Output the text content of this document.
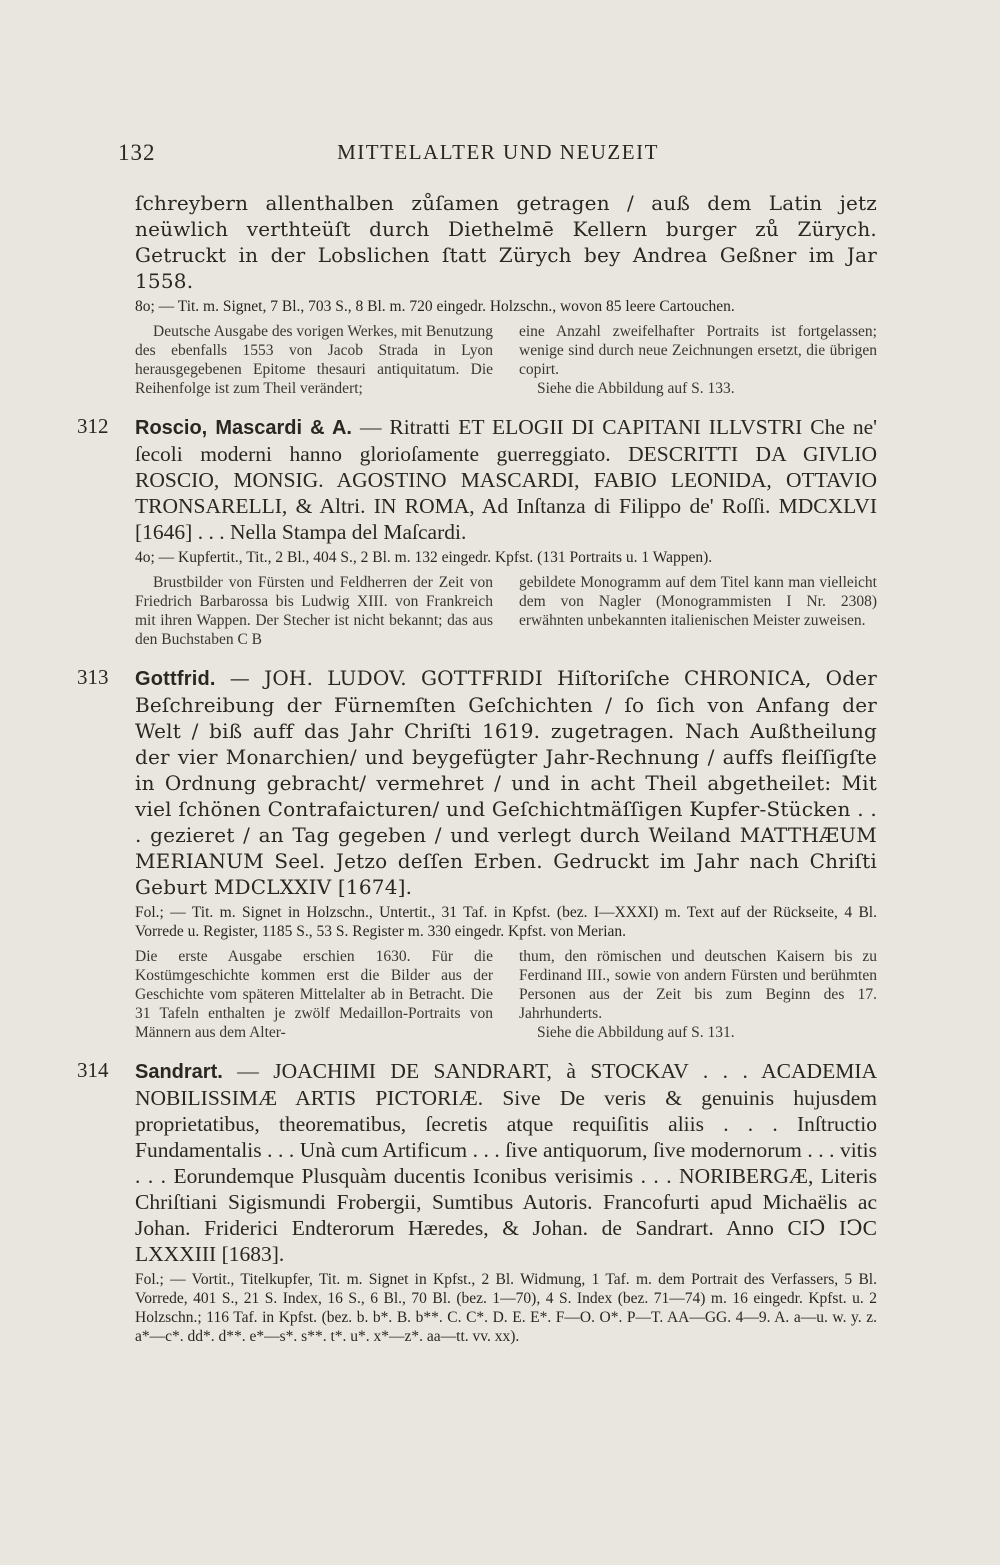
132	MITTELALTER UND NEUZEIT

ſchreybern allenthalben zůſamen getragen / auß dem Latin jetz neüwlich verthteüſt durch Diethelmē Kellern burger zů Zürych. Getruckt in der Lobslichen ſtatt Zürych bey Andrea Geßner im Jar 1558.

8o; — Tit. m. Signet, 7 Bl., 703 S., 8 Bl. m. 720 eingedr. Holzschn., wovon 85 leere Cartouchen.

Deutsche Ausgabe des vorigen Werkes, mit Benutzung des ebenfalls 1553 von Jacob Strada in Lyon herausgegebenen Epitome thesauri antiquitatum. Die Reihenfolge ist zum Theil verändert;

eine Anzahl zweifelhafter Portraits ist fortgelassen; wenige sind durch neue Zeichnungen ersetzt, die übrigen copirt.

Siehe die Abbildung auf S. 133.

312 Roscio, Mascardi & A. — Ritratti ET ELOGII DI CAPITANI ILLVSTRI Che ne' ſecoli moderni hanno glorioſamente guerreggiato. DESCRITTI DA GIVLIO ROSCIO, MONSIG. AGOSTINO MASCARDI, FABIO LEONIDA, OTTAVIO TRONSARELLI, & Altri. IN ROMA, Ad Inſtanza di Filippo de' Roſſi. MDCXLVI [1646] . . . Nella Stampa del Maſcardi.

4o; — Kupfertit., Tit., 2 Bl., 404 S., 2 Bl. m. 132 eingedr. Kpfst. (131 Portraits u. 1 Wappen).

Brustbilder von Fürsten und Feldherren der Zeit von Friedrich Barbarossa bis Ludwig XIII. von Frankreich mit ihren Wappen. Der Stecher ist nicht bekannt; das aus den Buchstaben C B

gebildete Monogramm auf dem Titel kann man vielleicht dem von Nagler (Monogrammisten I Nr. 2308) erwähnten unbekannten italienischen Meister zuweisen.

313 Gottfrid. — JOH. LUDOV. GOTTFRIDI Hiſtoriſche CHRONICA, Oder Beſchreibung der Fürnemſten Geſchichten / ſo ſich von Anfang der Welt / biß auff das Jahr Chriſti 1619. zugetragen. Nach Außtheilung der vier Monarchien/ und beygefügter Jahr-Rechnung / auffs fleiſſigſte in Ordnung gebracht/ vermehret / und in acht Theil abgetheilet: Mit viel ſchönen Contrafaicturen/ und Geſchichtmäſſigen Kupfer-Stücken . . . gezieret / an Tag gegeben / und verlegt durch Weiland MATTHÆUM MERIANUM Seel. Jetzo deſſen Erben. Gedruckt im Jahr nach Chriſti Geburt MDCLXXIV [1674].

Fol.; — Tit. m. Signet in Holzschn., Untertit., 31 Taf. in Kpfst. (bez. I—XXXI) m. Text auf der Rückseite, 4 Bl. Vorrede u. Register, 1185 S., 53 S. Register m. 330 eingedr. Kpfst. von Merian.

Die erste Ausgabe erschien 1630. Für die Kostümgeschichte kommen erst die Bilder aus der Geschichte vom späteren Mittelalter ab in Betracht. Die 31 Tafeln enthalten je zwölf Medaillon-Portraits von Männern aus dem Alter-

thum, den römischen und deutschen Kaisern bis zu Ferdinand III., sowie von andern Fürsten und berühmten Personen aus der Zeit bis zum Beginn des 17. Jahrhunderts.

Siehe die Abbildung auf S. 131.

314 Sandrart. — JOACHIMI DE SANDRART, à STOCKAV . . . ACADEMIA NOBILISSIMÆ ARTIS PICTORIÆ. Sive De veris & genuinis hujusdem proprietatibus, theorematibus, ſecretis atque requiſitis aliis . . . Inſtructio Fundamentalis . . . Unà cum Artificum . . . ſive antiquorum, ſive modernorum . . . vitis . . . Eorundemque Plusquàm ducentis Iconibus verisimis . . . NORIBERGÆ, Literis Chriſtiani Sigismundi Frobergii, Sumtibus Autoris. Francofurti apud Michaëlis ac Johan. Friderici Endterorum Hæredes, & Johan. de Sandrart. Anno CIↃ IↃC LXXXIII [1683].

Fol.; — Vortit., Titelkupfer, Tit. m. Signet in Kpfst., 2 Bl. Widmung, 1 Taf. m. dem Portrait des Verfassers, 5 Bl. Vorrede, 401 S., 21 S. Index, 16 S., 6 Bl., 70 Bl. (bez. 1—70), 4 S. Index (bez. 71—74) m. 16 eingedr. Kpfst. u. 2 Holzschn.; 116 Taf. in Kpfst. (bez. b. b*. B. b**. C. C*. D. E. E*. F—O. O*. P—T. AA—GG. 4—9. A. a—u. w. y. z. a*—c*. dd*. d**. e*—s*. s**. t*. u*. x*—z*. aa—tt. vv. xx).
